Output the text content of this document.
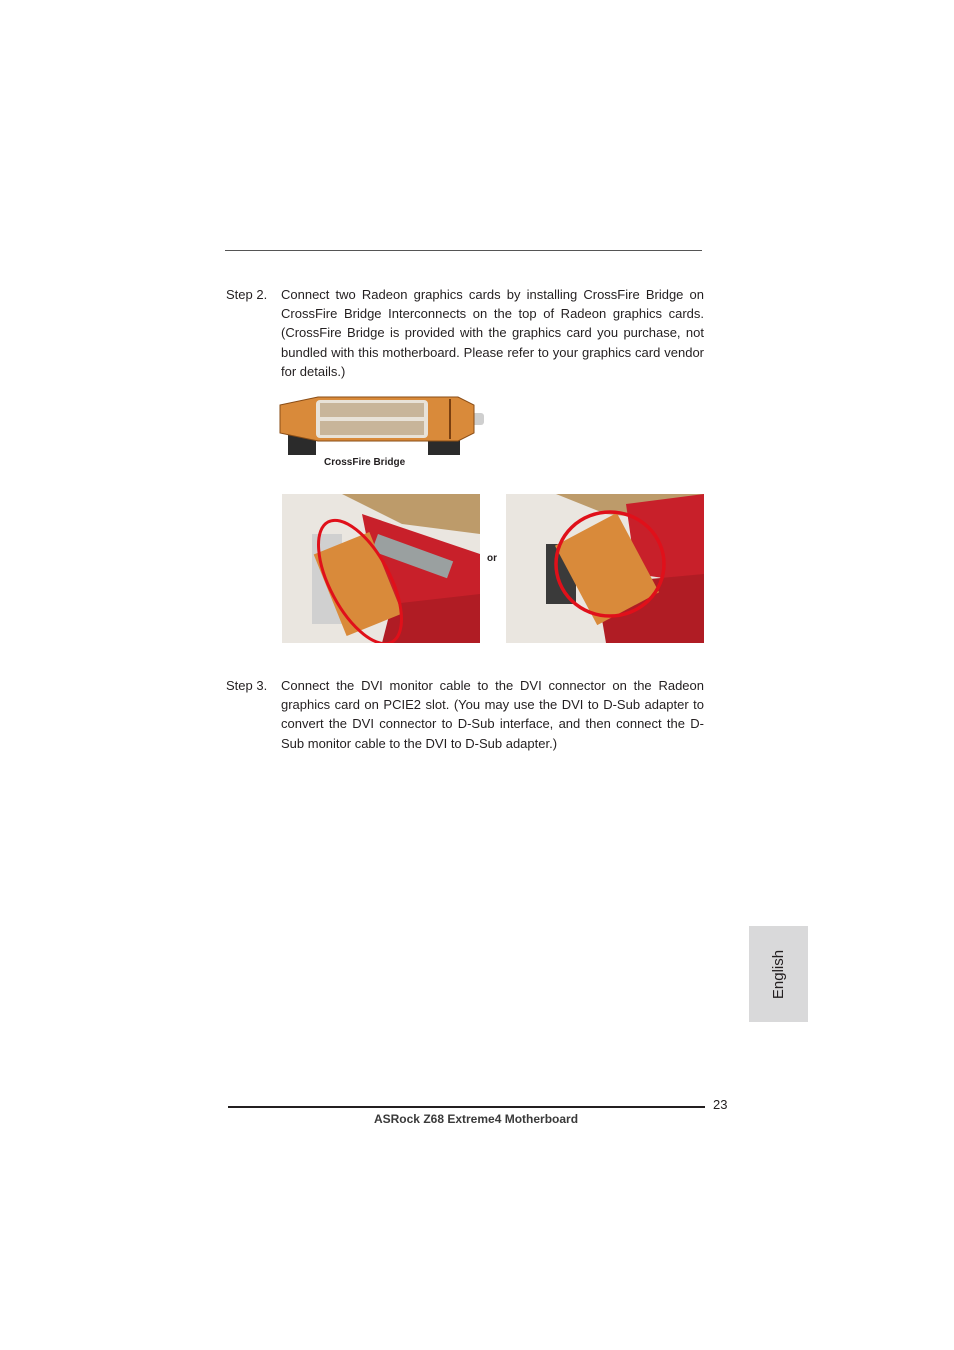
Step 2. Connect two Radeon graphics cards by installing CrossFire Bridge on CrossFire Bridge Interconnects on the top of Radeon graphics cards. (CrossFire Bridge is provided with the graphics card you purchase, not bundled with this motherboard. Please refer to your graphics card vendor for details.)
CrossFire Bridge
or
Step 3. Connect the DVI monitor cable to the DVI connector on the Radeon graphics card on PCIE2 slot. (You may use the DVI to D-Sub adapter to convert the DVI connector to D-Sub interface, and then connect the D-Sub monitor cable to the DVI to D-Sub adapter.)
English
23
ASRock Z68 Extreme4 Motherboard
